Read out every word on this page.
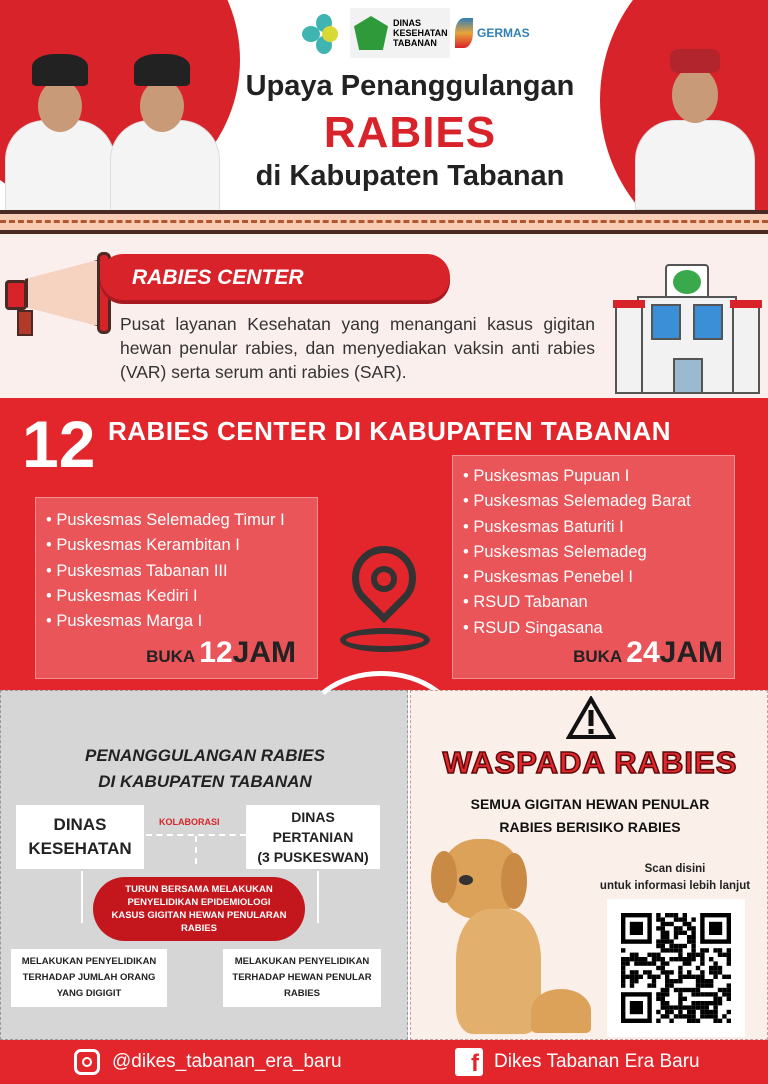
DINAS KESEHATAN TABANAN
GERMAS
Upaya Penanggulangan
RABIES
di Kabupaten Tabanan
RABIES CENTER
Pusat layanan Kesehatan yang menangani kasus gigitan hewan penular rabies, dan menyediakan vaksin anti rabies (VAR) serta serum anti rabies (SAR).
12 RABIES CENTER DI KABUPATEN TABANAN
• Puskesmas Selemadeg Timur I
• Puskesmas Kerambitan I
• Puskesmas Tabanan III
• Puskesmas Kediri I
• Puskesmas Marga I
BUKA 12JAM
• Puskesmas Pupuan I
• Puskesmas Selemadeg Barat
• Puskesmas Baturiti I
• Puskesmas Selemadeg
• Puskesmas Penebel I
• RSUD Tabanan
• RSUD Singasana
BUKA 24JAM
PENANGGULANGAN RABIES
DI KABUPATEN TABANAN
DINAS
KESEHATAN
KOLABORASI	DINAS
PERTANIAN
(3 PUSKESWAN)
TURUN BERSAMA MELAKUKAN PENYELIDIKAN EPIDEMIOLOGI KASUS GIGITAN HEWAN PENULARAN RABIES
MELAKUKAN PENYELIDIKAN TERHADAP JUMLAH ORANG YANG DIGIGIT
MELAKUKAN PENYELIDIKAN TERHADAP HEWAN PENULAR RABIES
WASPADA RABIES
SEMUA GIGITAN HEWAN PENULAR
RABIES BERISIKO RABIES
Scan disini
untuk informasi lebih lanjut
@dikes_tabanan_era_baru	f Dikes Tabanan Era Baru
